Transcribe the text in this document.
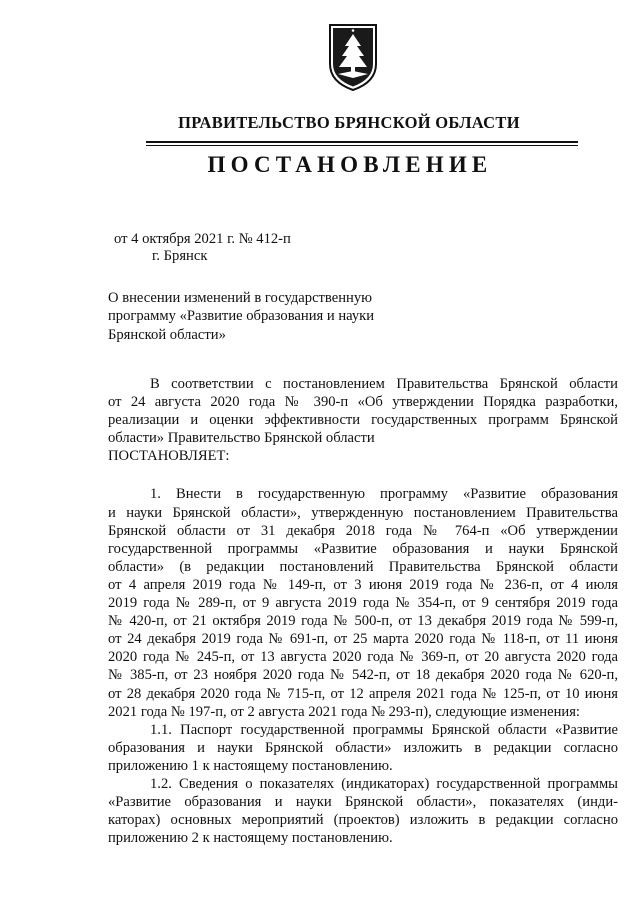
ПРАВИТЕЛЬСТВО БРЯНСКОЙ ОБЛАСТИ
ПОСТАНОВЛЕНИЕ
от 4 октября 2021 г. № 412-п
г. Брянск
О внесении изменений в государственную
программу «Развитие образования и науки
Брянской области»
В соответствии с постановлением Правительства Брянской области
от 24 августа 2020 года № 390-п «Об утверждении Порядка разработки,
реализации и оценки эффективности государственных программ Брянской
области» Правительство Брянской области
ПОСТАНОВЛЯЕТ:
1. Внести в государственную программу «Развитие образования
и науки Брянской области», утвержденную постановлением Правительства
Брянской области от 31 декабря 2018 года № 764-п «Об утверждении
государственной программы «Развитие образования и науки Брянской
области» (в редакции постановлений Правительства Брянской области
от 4 апреля 2019 года № 149-п, от 3 июня 2019 года № 236-п, от 4 июля
2019 года № 289-п, от 9 августа 2019 года № 354-п, от 9 сентября 2019 года
№ 420-п, от 21 октября 2019 года № 500-п, от 13 декабря 2019 года № 599-п,
от 24 декабря 2019 года № 691-п, от 25 марта 2020 года № 118-п, от 11 июня
2020 года № 245-п, от 13 августа 2020 года № 369-п, от 20 августа 2020 года
№ 385-п, от 23 ноября 2020 года № 542-п, от 18 декабря 2020 года № 620-п,
от 28 декабря 2020 года № 715-п, от 12 апреля 2021 года № 125-п, от 10 июня
2021 года № 197-п, от 2 августа 2021 года № 293-п), следующие изменения:
1.1. Паспорт государственной программы Брянской области «Развитие
образования и науки Брянской области» изложить в редакции согласно
приложению 1 к настоящему постановлению.
1.2. Сведения о показателях (индикаторах) государственной программы
«Развитие образования и науки Брянской области», показателях (инди-
каторах) основных мероприятий (проектов) изложить в редакции согласно
приложению 2 к настоящему постановлению.
